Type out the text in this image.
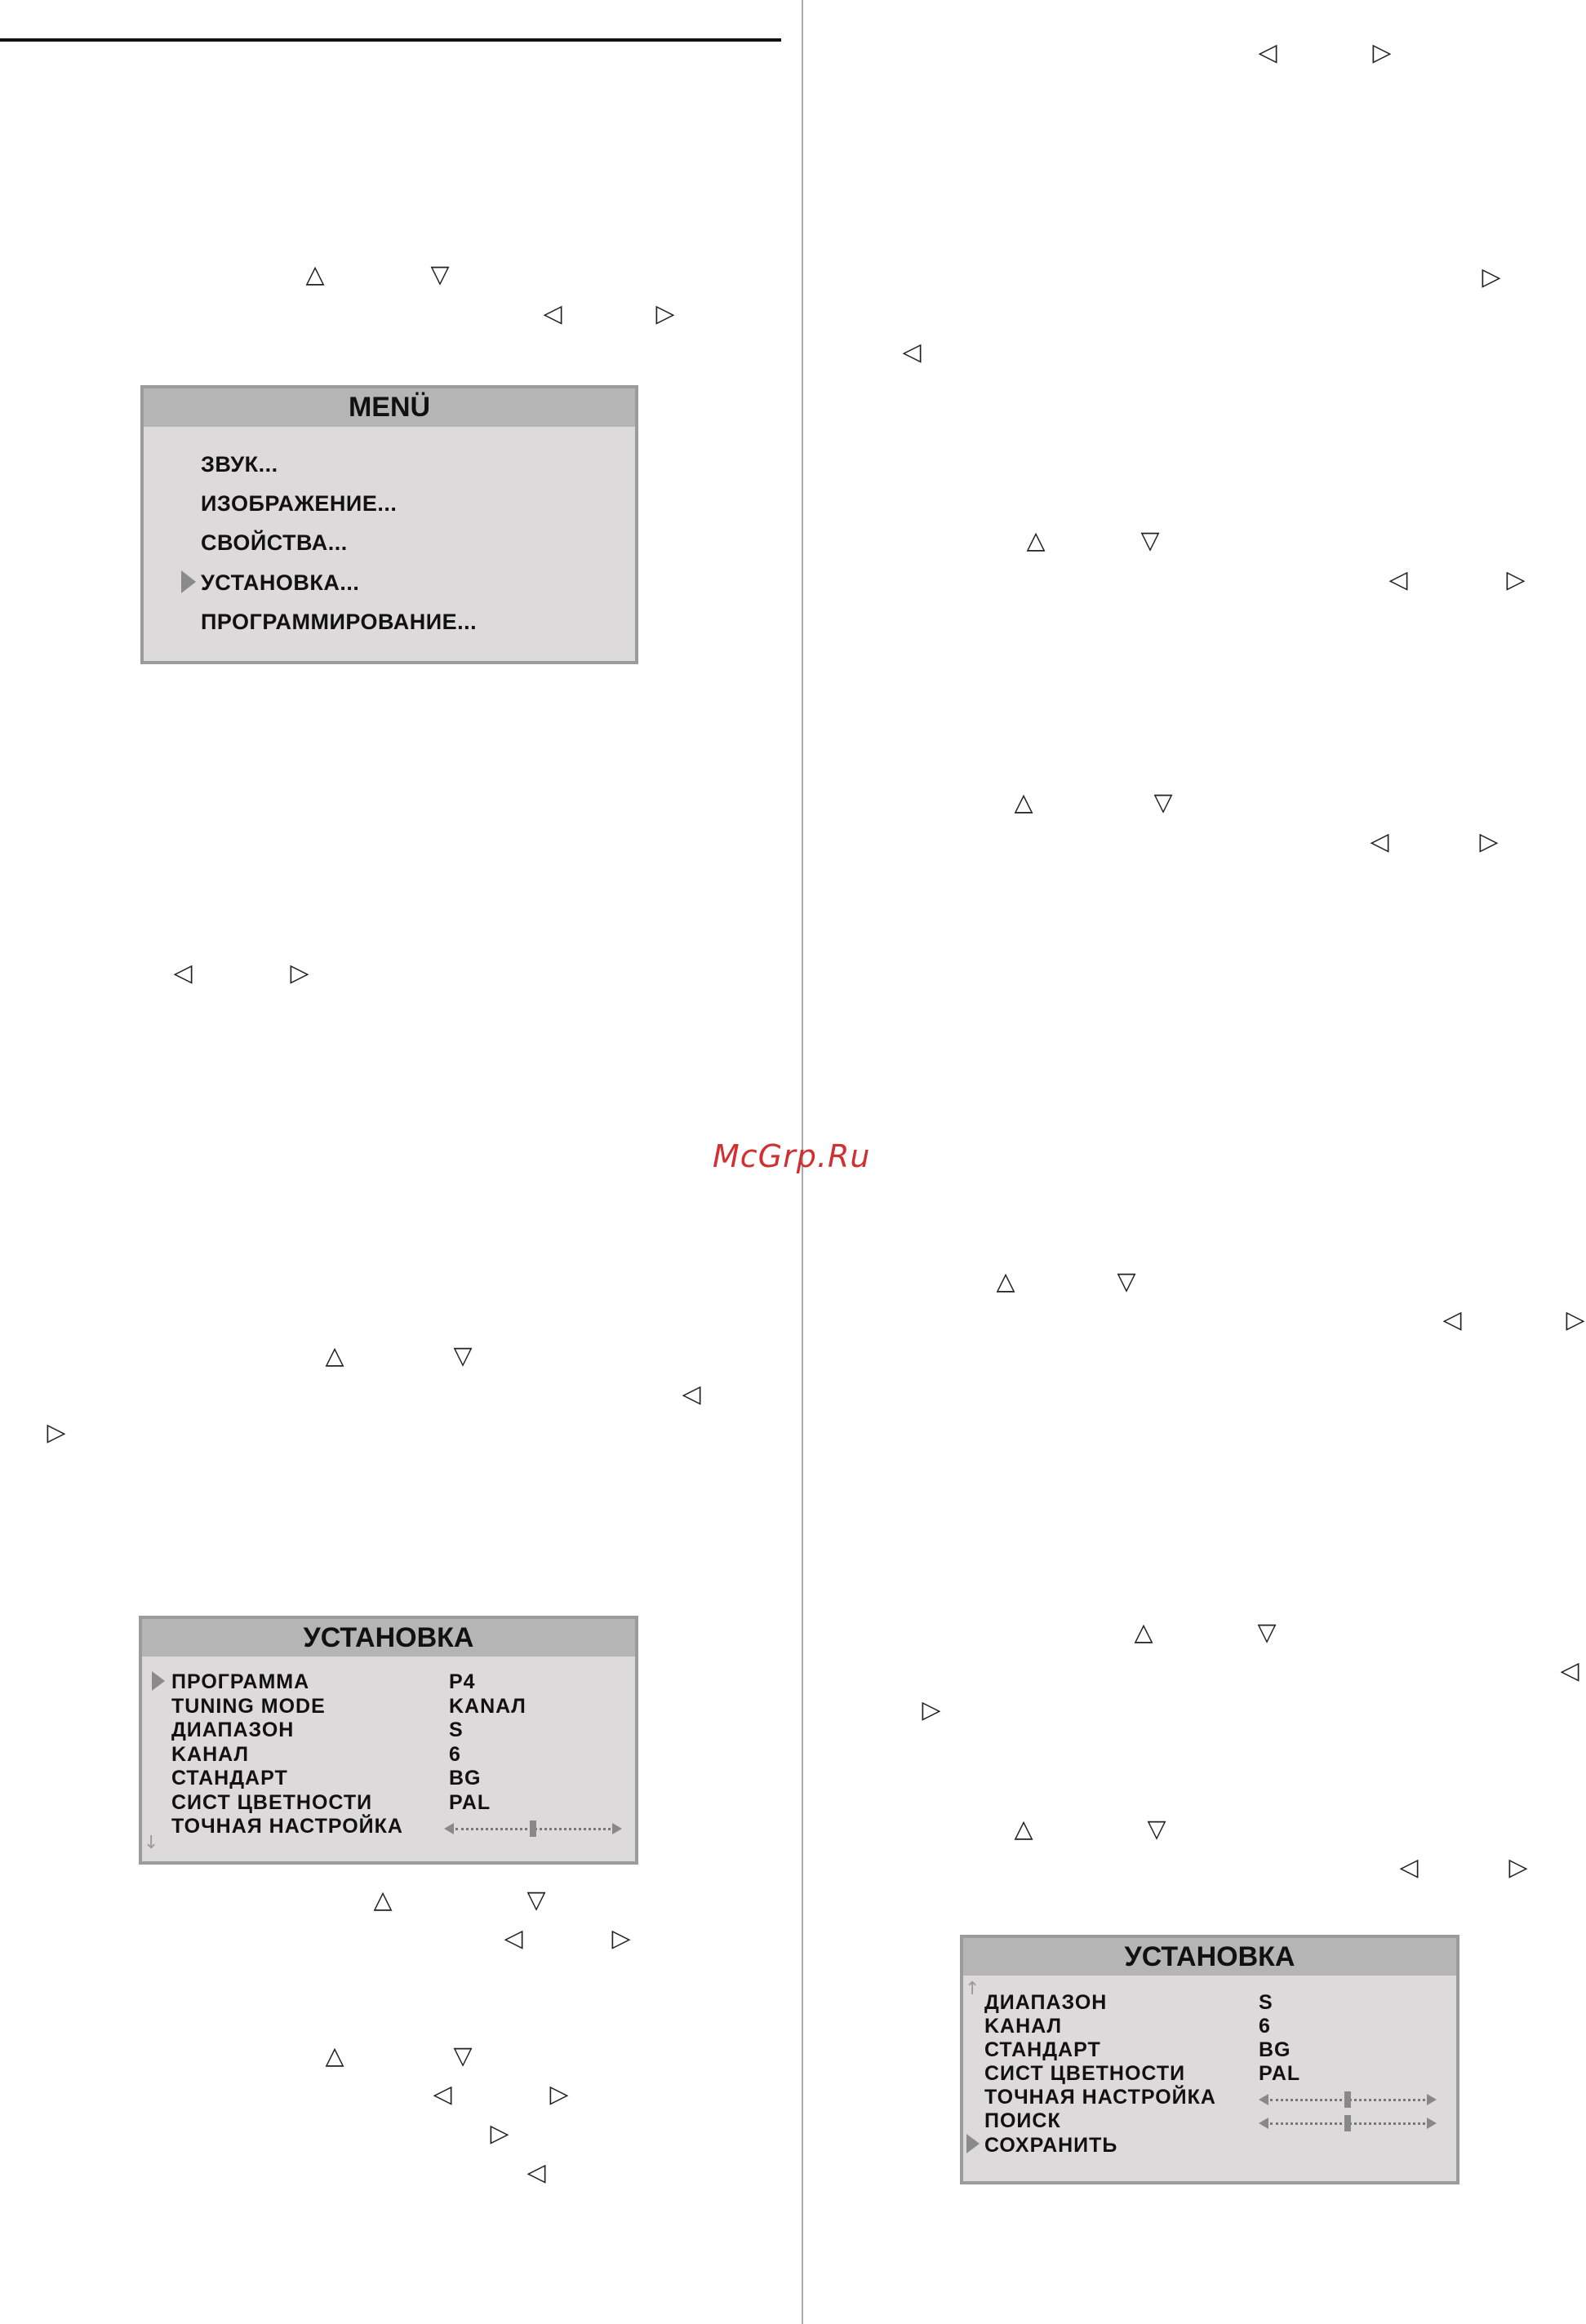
△	▽
◁	▷
MENÜ
ЗВУК...
ИЗОБРАЖЕНИЕ...
СВОЙСТВА...
УСТАНОВКА...
ПРОГРАММИРОВАНИЕ...
◁	▷
△	▽
◁
▷
УСТАНОВКА
ПРОГРАММА	P4
TUNING MODE	KANAЛ
ДИАПАЗОН	S
KAНАЛ	6
СТАНДАРТ	BG
СИСТ ЦВЕТНОСТИ	PAL
ТОЧНАЯ НАСТРОЙКА
↓
△	▽
◁	▷
△	▽
◁	▷
▷
◁
◁	▷
▷
◁
△	▽
◁	▷
△	▽
◁	▷
McGrp.Ru
△	▽
◁	▷
△	▽
◁
▷
△	▽
◁	▷
УСТАНОВКА
↑
ДИАПАЗОН	S
KAНАЛ	6
СТАНДАРТ	BG
СИСТ ЦВЕТНОСТИ	PAL
ТОЧНАЯ НАСТРОЙКА
ПОИСК
СОХРАНИТЬ
